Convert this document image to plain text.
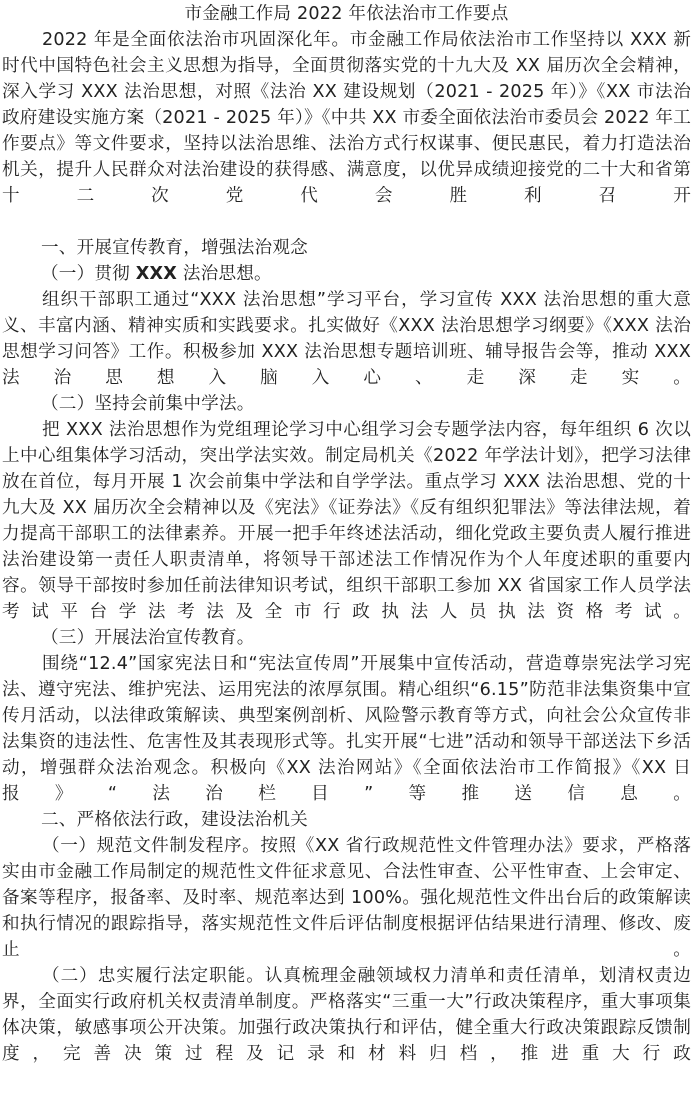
市金融工作局 2022 年依法治市工作要点

2022 年是全面依法治市巩固深化年。市金融工作局依法治市工作坚持以 XXX 新时代中国特色社会主义思想为指导，全面贯彻落实党的十九大及 XX 届历次全会精神，深入学习 XXX 法治思想，对照《法治 XX 建设规划（2021 - 2025 年）》《XX 市法治政府建设实施方案（2021 - 2025 年）》《中共 XX 市委全面依法治市委员会 2022 年工作要点》等文件要求，坚持以法治思维、法治方式行权谋事、便民惠民，着力打造法治机关，提升人民群众对法治建设的获得感、满意度，以优异成绩迎接党的二十大和省第十二次党代会胜利召开

一、开展宣传教育，增强法治观念

（一）贯彻 XXX 法治思想。

组织干部职工通过“XXX 法治思想”学习平台，学习宣传 XXX 法治思想的重大意义、丰富内涵、精神实质和实践要求。扎实做好《XXX 法治思想学习纲要》《XXX 法治思想学习问答》工作。积极参加 XXX 法治思想专题培训班、辅导报告会等，推动 XXX 法治思想入脑入心、走深走实。

（二）坚持会前集中学法。

把 XXX 法治思想作为党组理论学习中心组学习会专题学法内容，每年组织 6 次以上中心组集体学习活动，突出学法实效。制定局机关《2022 年学法计划》，把学习法律放在首位，每月开展 1 次会前集中学法和自学学法。重点学习 XXX 法治思想、党的十九大及 XX 届历次全会精神以及《宪法》《证券法》《反有组织犯罪法》等法律法规，着力提高干部职工的法律素养。开展一把手年终述法活动，细化党政主要负责人履行推进法治建设第一责任人职责清单，将领导干部述法工作情况作为个人年度述职的重要内容。领导干部按时参加任前法律知识考试，组织干部职工参加 XX 省国家工作人员学法考试平台学法考法及全市行政执法人员执法资格考试。

（三）开展法治宣传教育。

围绕“12.4”国家宪法日和“宪法宣传周”开展集中宣传活动，营造尊崇宪法学习宪法、遵守宪法、维护宪法、运用宪法的浓厚氛围。精心组织“6.15”防范非法集资集中宣传月活动，以法律政策解读、典型案例剖析、风险警示教育等方式，向社会公众宣传非法集资的违法性、危害性及其表现形式等。扎实开展“七进”活动和领导干部送法下乡活动，增强群众法治观念。积极向《XX 法治网站》《全面依法治市工作简报》《XX 日报》“法治栏目”等推送信息。

二、严格依法行政，建设法治机关

（一）规范文件制发程序。按照《XX 省行政规范性文件管理办法》要求，严格落实由市金融工作局制定的规范性文件征求意见、合法性审查、公平性审查、上会审定、备案等程序，报备率、及时率、规范率达到 100%。强化规范性文件出台后的政策解读和执行情况的跟踪指导，落实规范性文件后评估制度根据评估结果进行清理、修改、废止。

（二）忠实履行法定职能。认真梳理金融领域权力清单和责任清单，划清权责边界，全面实行政府机关权责清单制度。严格落实“三重一大”行政决策程序，重大事项集体决策，敏感事项公开决策。加强行政决策执行和评估，健全重大行政决策跟踪反馈制度，完善决策过程及记录和材料归档，推进重大行政
